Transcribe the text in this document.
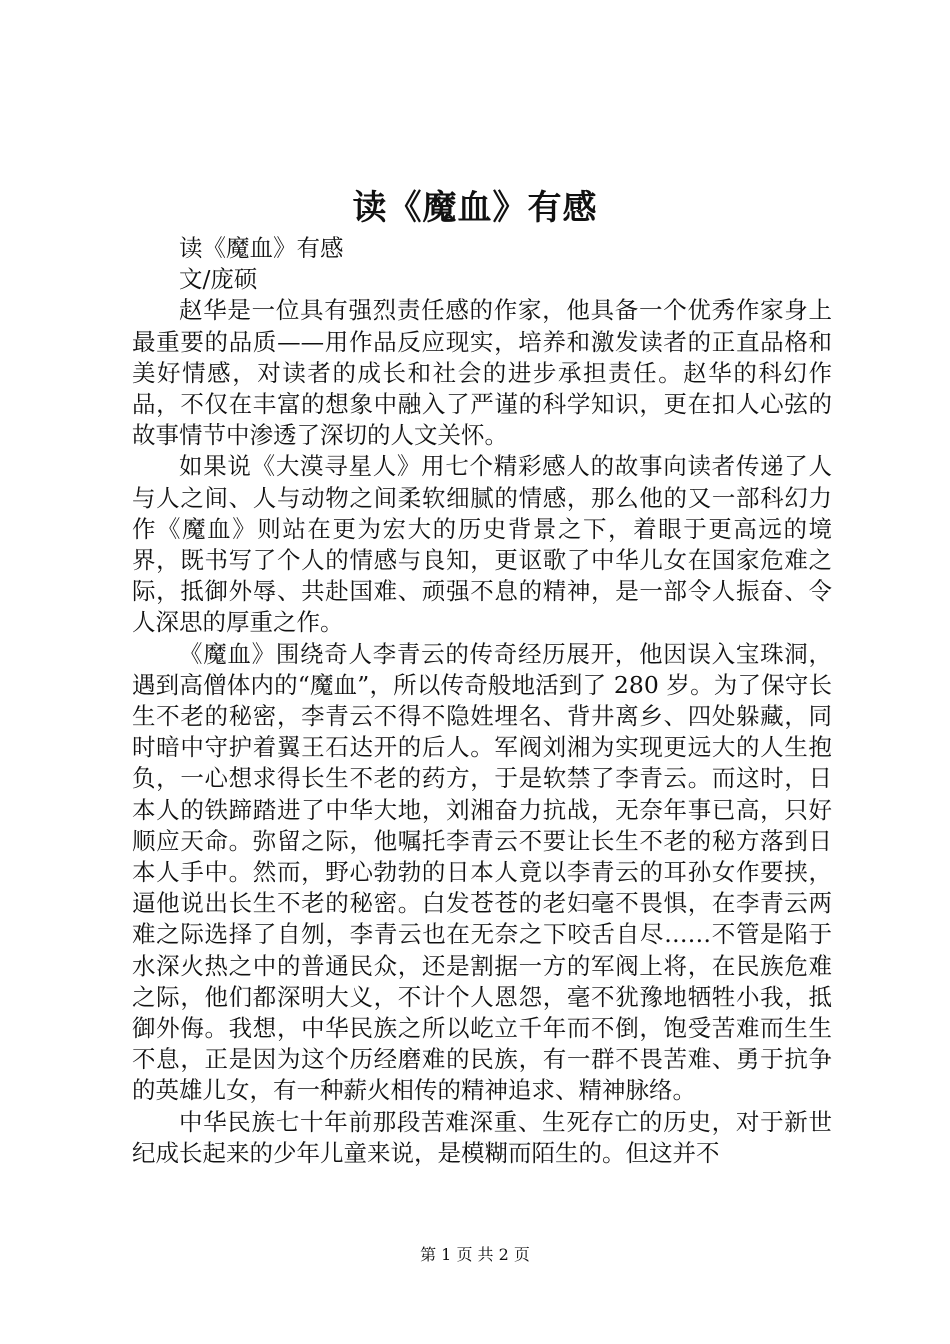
读《魔血》有感

读《魔血》有感

文/庞硕

赵华是一位具有强烈责任感的作家，他具备一个优秀作家身上最重要的品质——用作品反应现实，培养和激发读者的正直品格和美好情感，对读者的成长和社会的进步承担责任。赵华的科幻作品，不仅在丰富的想象中融入了严谨的科学知识，更在扣人心弦的故事情节中渗透了深切的人文关怀。

如果说《大漠寻星人》用七个精彩感人的故事向读者传递了人与人之间、人与动物之间柔软细腻的情感，那么他的又一部科幻力作《魔血》则站在更为宏大的历史背景之下，着眼于更高远的境界，既书写了个人的情感与良知，更讴歌了中华儿女在国家危难之际，抵御外辱、共赴国难、顽强不息的精神，是一部令人振奋、令人深思的厚重之作。

《魔血》围绕奇人李青云的传奇经历展开，他因误入宝珠洞，遇到高僧体内的“魔血”，所以传奇般地活到了 280 岁。为了保守长生不老的秘密，李青云不得不隐姓埋名、背井离乡、四处躲藏，同时暗中守护着翼王石达开的后人。军阀刘湘为实现更远大的人生抱负，一心想求得长生不老的药方，于是软禁了李青云。而这时，日本人的铁蹄踏进了中华大地，刘湘奋力抗战，无奈年事已高，只好顺应天命。弥留之际，他嘱托李青云不要让长生不老的秘方落到日本人手中。然而，野心勃勃的日本人竟以李青云的耳孙女作要挟，逼他说出长生不老的秘密。白发苍苍的老妇毫不畏惧，在李青云两难之际选择了自刎，李青云也在无奈之下咬舌自尽……不管是陷于水深火热之中的普通民众，还是割据一方的军阀上将，在民族危难之际，他们都深明大义，不计个人恩怨，毫不犹豫地牺牲小我，抵御外侮。我想，中华民族之所以屹立千年而不倒，饱受苦难而生生不息，正是因为这个历经磨难的民族，有一群不畏苦难、勇于抗争的英雄儿女，有一种薪火相传的精神追求、精神脉络。

中华民族七十年前那段苦难深重、生死存亡的历史，对于新世纪成长起来的少年儿童来说，是模糊而陌生的。但这并不

第 1 页 共 2 页
